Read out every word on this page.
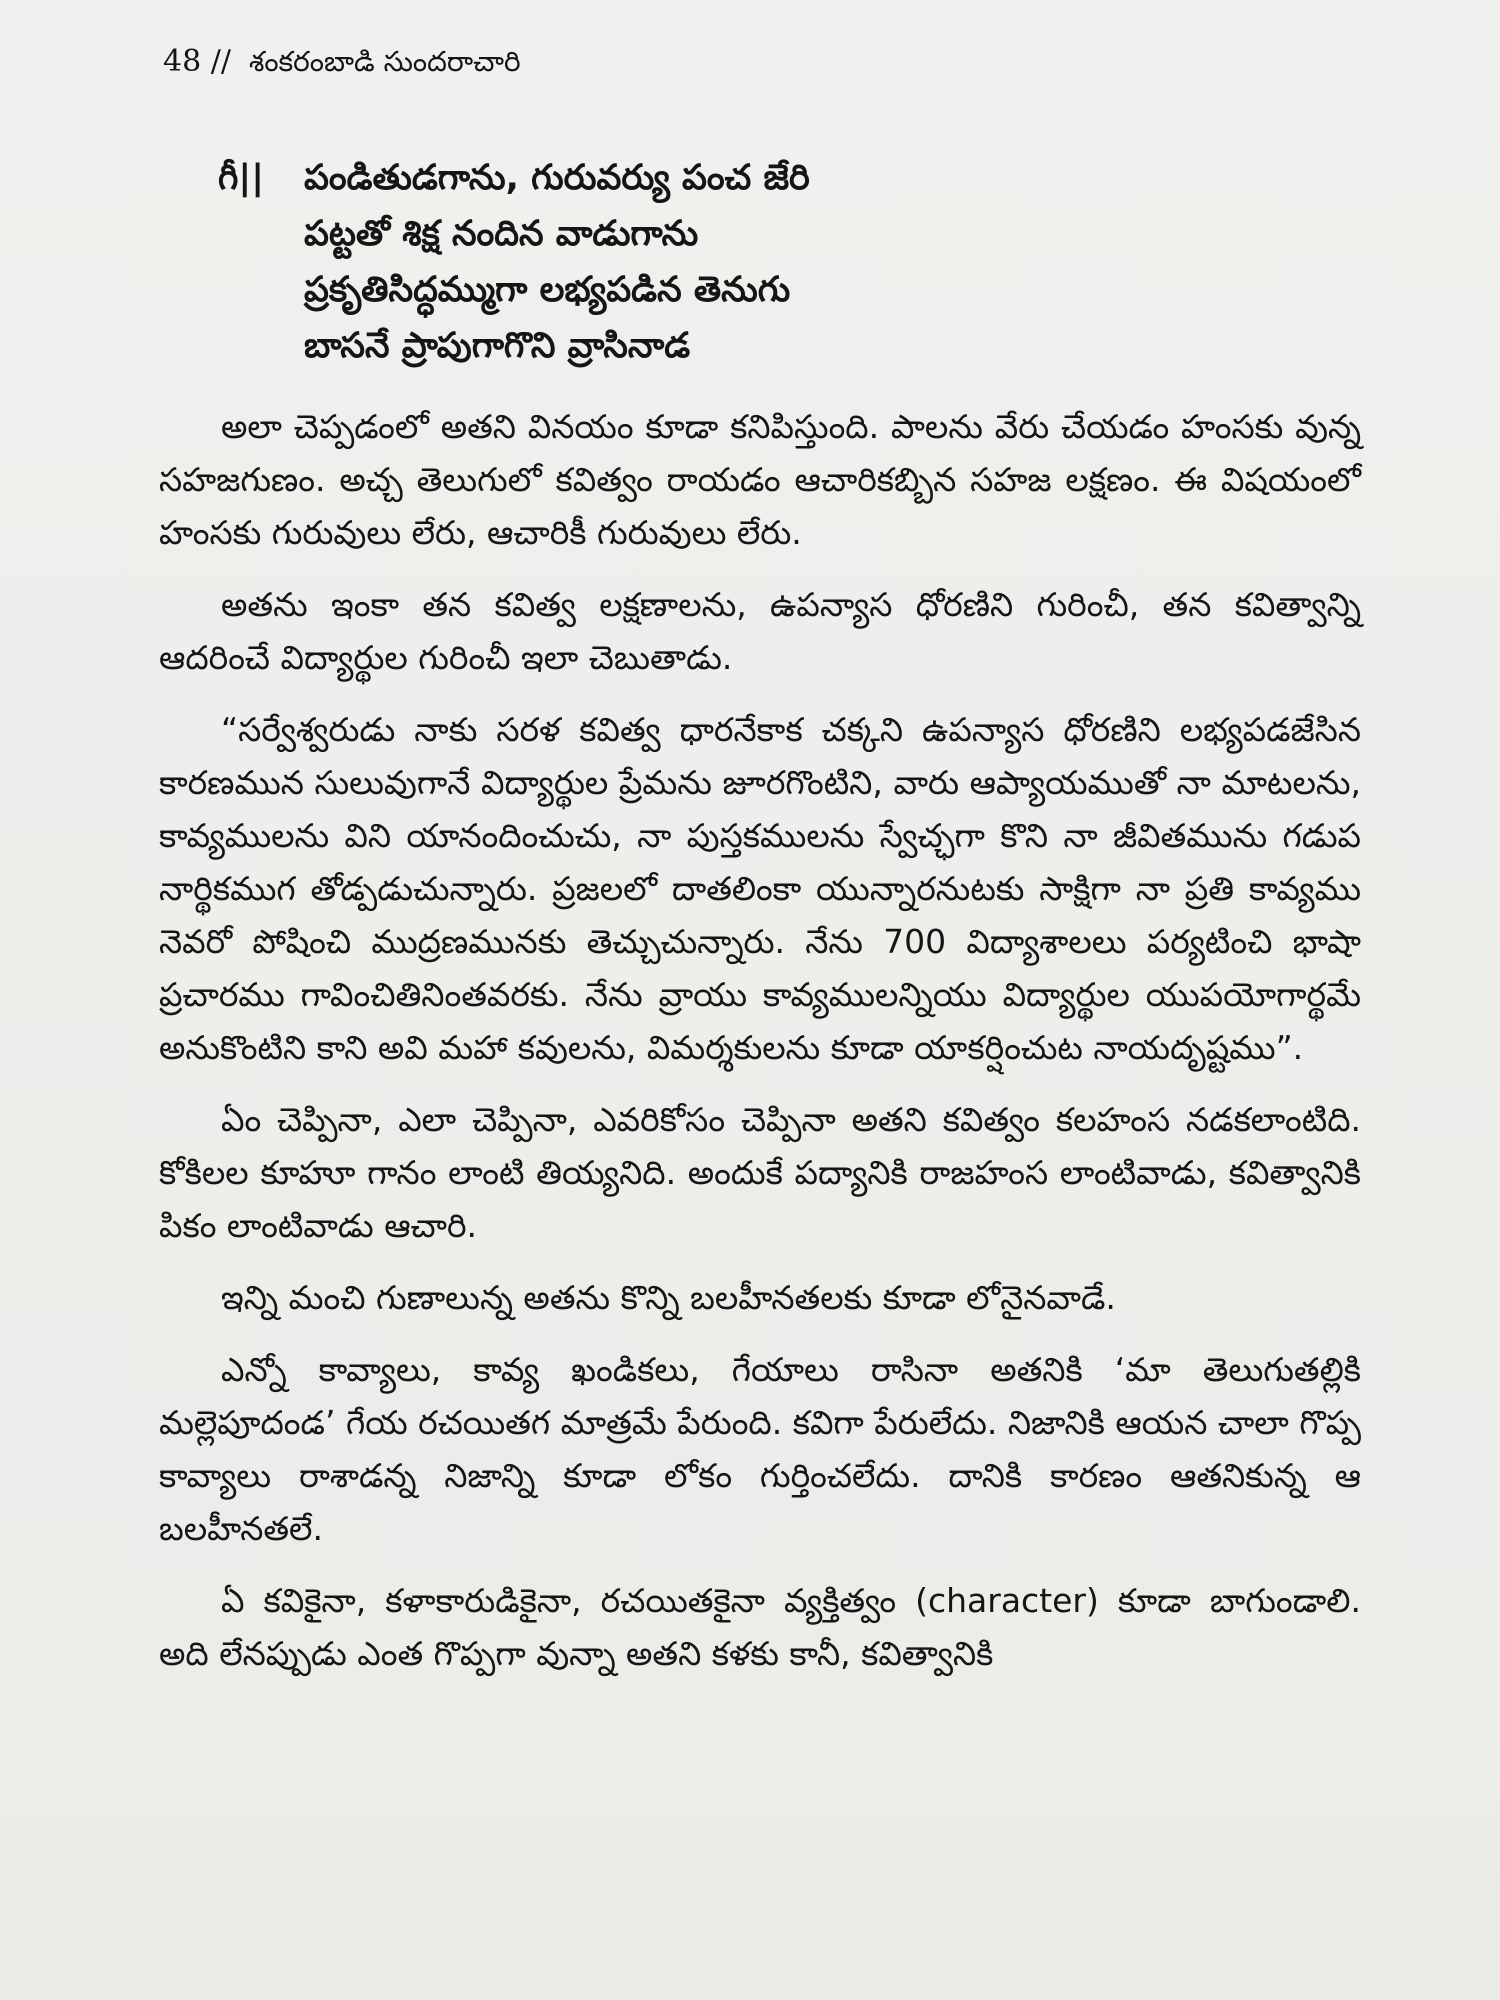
48 // శంకరంబాడి సుందరాచారి
గీ||	పండితుడగాను, గురువర్యు పంచ జేరి
పట్టతో శిక్ష నందిన వాడుగాను
ప్రకృతిసిద్ధమ్ముగా లభ్యపడిన తెనుగు
బాసనే ప్రాపుగాగొని వ్రాసినాడ

అలా చెప్పడంలో అతని వినయం కూడా కనిపిస్తుంది. పాలను వేరు చేయడం హంసకు వున్న సహజగుణం. అచ్చ తెలుగులో కవిత్వం రాయడం ఆచారికబ్బిన సహజ లక్షణం. ఈ విషయంలో హంసకు గురువులు లేరు, ఆచారికీ గురువులు లేరు.

అతను ఇంకా తన కవిత్వ లక్షణాలను, ఉపన్యాస ధోరణిని గురించీ, తన కవిత్వాన్ని ఆదరించే విద్యార్థుల గురించీ ఇలా చెబుతాడు.

“సర్వేశ్వరుడు నాకు సరళ కవిత్వ ధారనేకాక చక్కని ఉపన్యాస ధోరణిని లభ్యపడజేసిన కారణమున సులువుగానే విద్యార్థుల ప్రేమను జూరగొంటిని, వారు ఆప్యాయముతో నా మాటలను, కావ్యములను విని యానందించుచు, నా పుస్తకములను స్వేచ్ఛగా కొని నా జీవితమును గడుప నార్థికముగ తోడ్పడుచున్నారు. ప్రజలలో దాతలింకా యున్నారనుటకు సాక్షిగా నా ప్రతి కావ్యము నెవరో పోషించి ముద్రణమునకు తెచ్చుచున్నారు. నేను 700 విద్యాశాలలు పర్యటించి భాషా ప్రచారము గావించితినింతవరకు. నేను వ్రాయు కావ్యములన్నియు విద్యార్థుల యుపయోగార్థమే అనుకొంటిని కాని అవి మహా కవులను, విమర్శకులను కూడా యాకర్షించుట నాయదృష్టము”.

ఏం చెప్పినా, ఎలా చెప్పినా, ఎవరికోసం చెప్పినా అతని కవిత్వం కలహంస నడకలాంటిది. కోకిలల కూహూ గానం లాంటి తియ్యనిది. అందుకే పద్యానికి రాజహంస లాంటివాడు, కవిత్వానికి పికం లాంటివాడు ఆచారి.

ఇన్ని మంచి గుణాలున్న అతను కొన్ని బలహీనతలకు కూడా లోనైనవాడే.

ఎన్నో కావ్యాలు, కావ్య ఖండికలు, గేయాలు రాసినా అతనికి ‘మా తెలుగుతల్లికి మల్లెపూదండ’ గేయ రచయితగ మాత్రమే పేరుంది. కవిగా పేరులేదు. నిజానికి ఆయన చాలా గొప్ప కావ్యాలు రాశాడన్న నిజాన్ని కూడా లోకం గుర్తించలేదు. దానికి కారణం ఆతనికున్న ఆ బలహీనతలే.

ఏ కవికైనా, కళాకారుడికైనా, రచయితకైనా వ్యక్తిత్వం (character) కూడా బాగుండాలి. అది లేనప్పుడు ఎంత గొప్పగా వున్నా అతని కళకు కానీ, కవిత్వానికి
